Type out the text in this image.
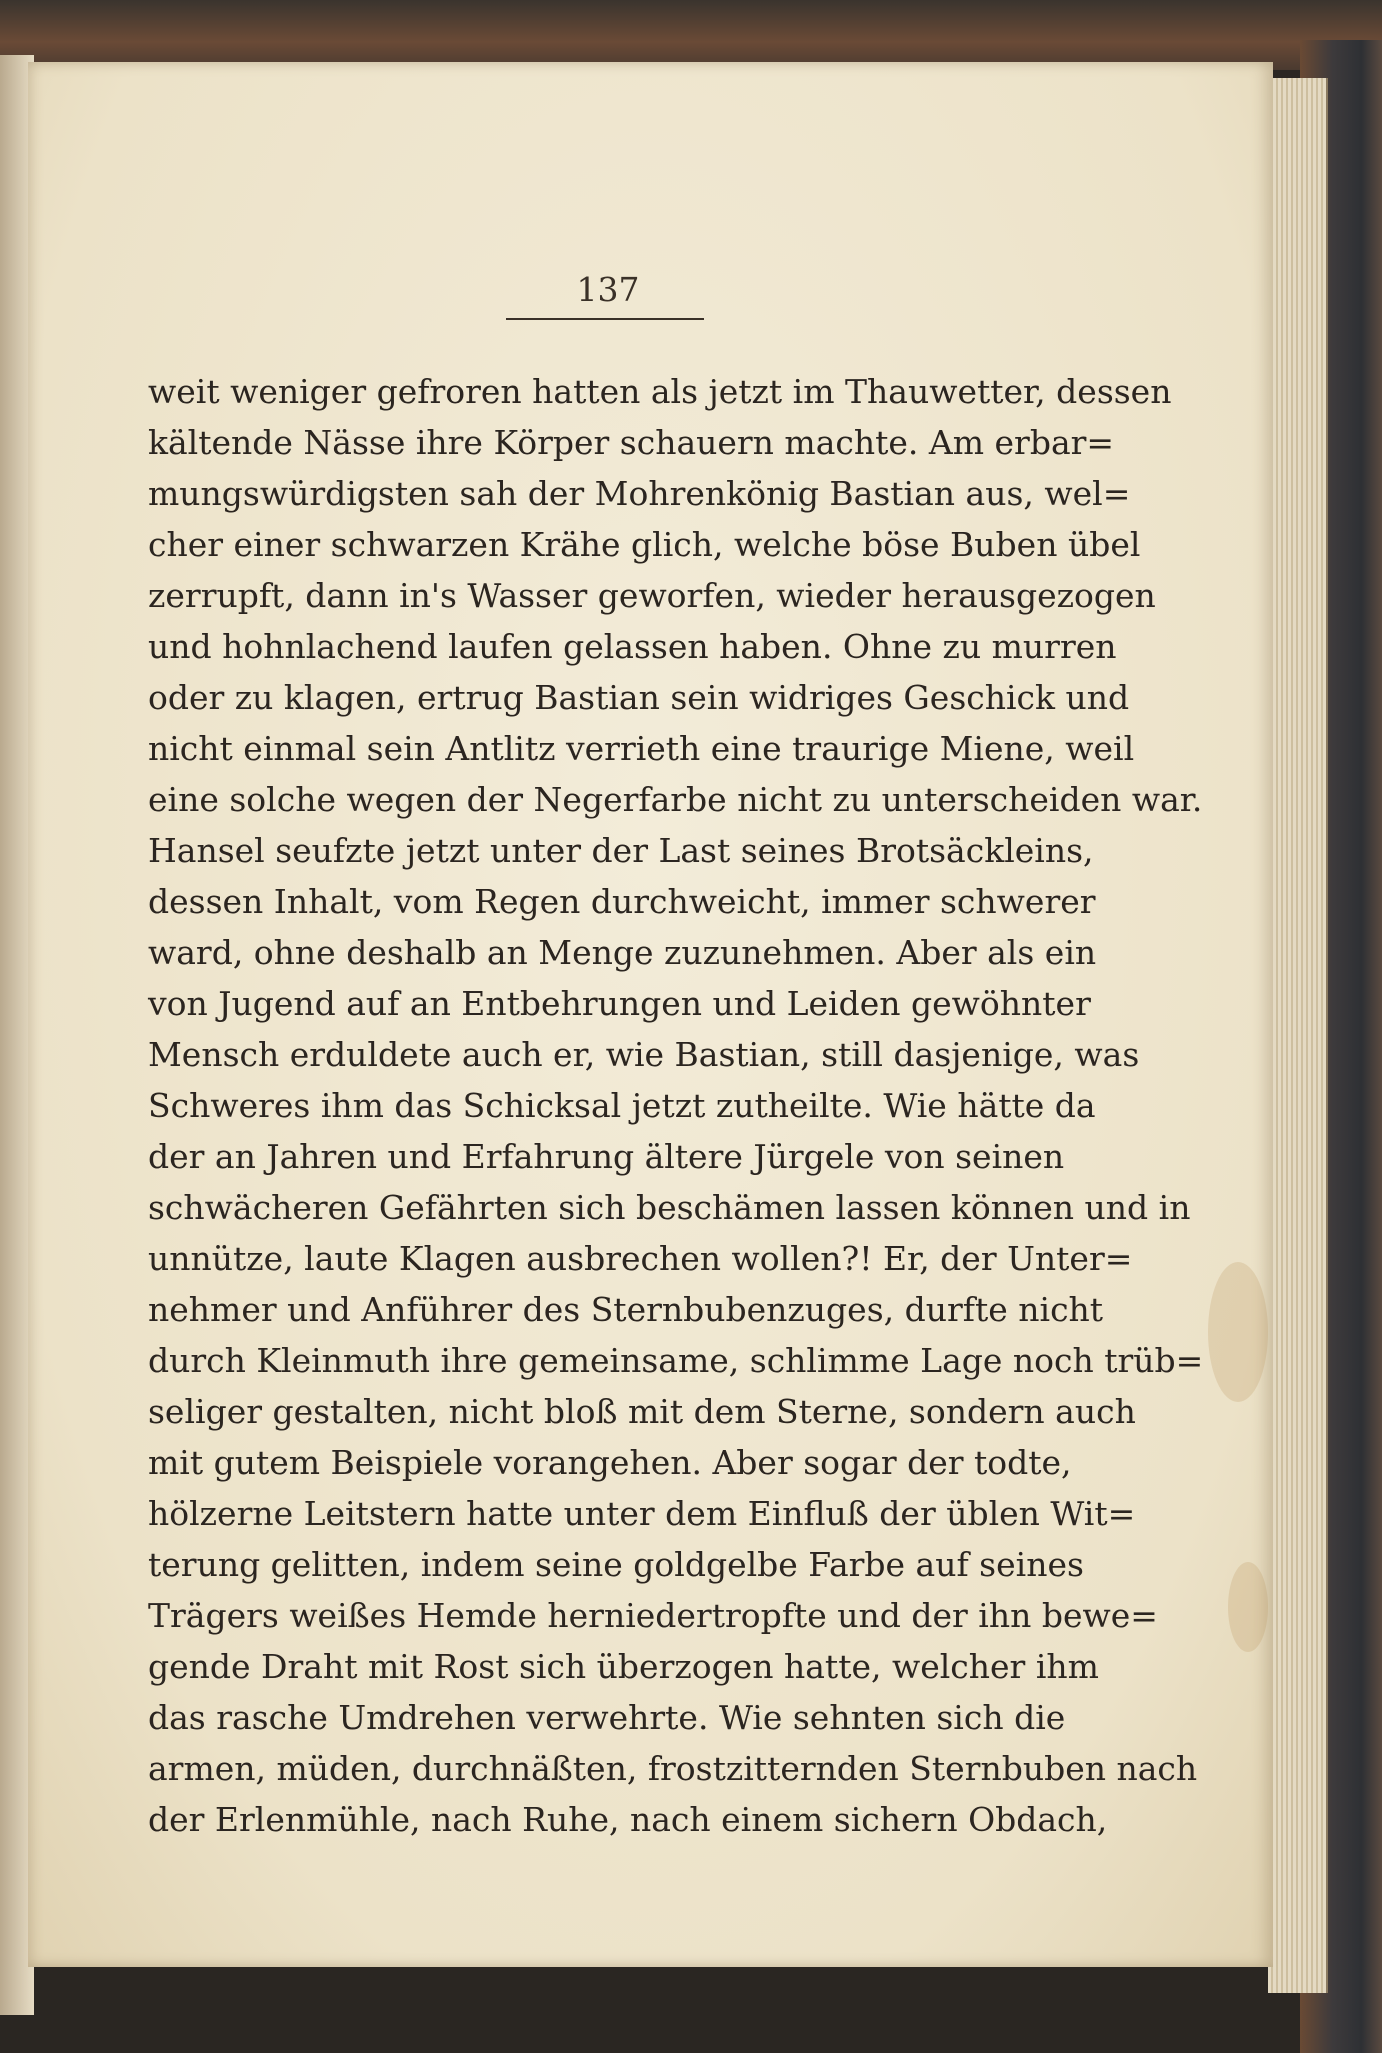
137
weit weniger gefroren hatten als jetzt im Thauwetter, dessen
kältende Nässe ihre Körper schauern machte. Am erbar=
mungswürdigsten sah der Mohrenkönig Bastian aus, wel=
cher einer schwarzen Krähe glich, welche böse Buben übel
zerrupft, dann in's Wasser geworfen, wieder herausgezogen
und hohnlachend laufen gelassen haben. Ohne zu murren
oder zu klagen, ertrug Bastian sein widriges Geschick und
nicht einmal sein Antlitz verrieth eine traurige Miene, weil
eine solche wegen der Negerfarbe nicht zu unterscheiden war.
Hansel seufzte jetzt unter der Last seines Brotsäckleins,
dessen Inhalt, vom Regen durchweicht, immer schwerer
ward, ohne deshalb an Menge zuzunehmen. Aber als ein
von Jugend auf an Entbehrungen und Leiden gewöhnter
Mensch erduldete auch er, wie Bastian, still dasjenige, was
Schweres ihm das Schicksal jetzt zutheilte. Wie hätte da
der an Jahren und Erfahrung ältere Jürgele von seinen
schwächeren Gefährten sich beschämen lassen können und in
unnütze, laute Klagen ausbrechen wollen?! Er, der Unter=
nehmer und Anführer des Sternbubenzuges, durfte nicht
durch Kleinmuth ihre gemeinsame, schlimme Lage noch trüb=
seliger gestalten, nicht bloß mit dem Sterne, sondern auch
mit gutem Beispiele vorangehen. Aber sogar der todte,
hölzerne Leitstern hatte unter dem Einfluß der üblen Wit=
terung gelitten, indem seine goldgelbe Farbe auf seines
Trägers weißes Hemde herniedertropfte und der ihn bewe=
gende Draht mit Rost sich überzogen hatte, welcher ihm
das rasche Umdrehen verwehrte. Wie sehnten sich die
armen, müden, durchnäßten, frostzitternden Sternbuben nach
der Erlenmühle, nach Ruhe, nach einem sichern Obdach,
